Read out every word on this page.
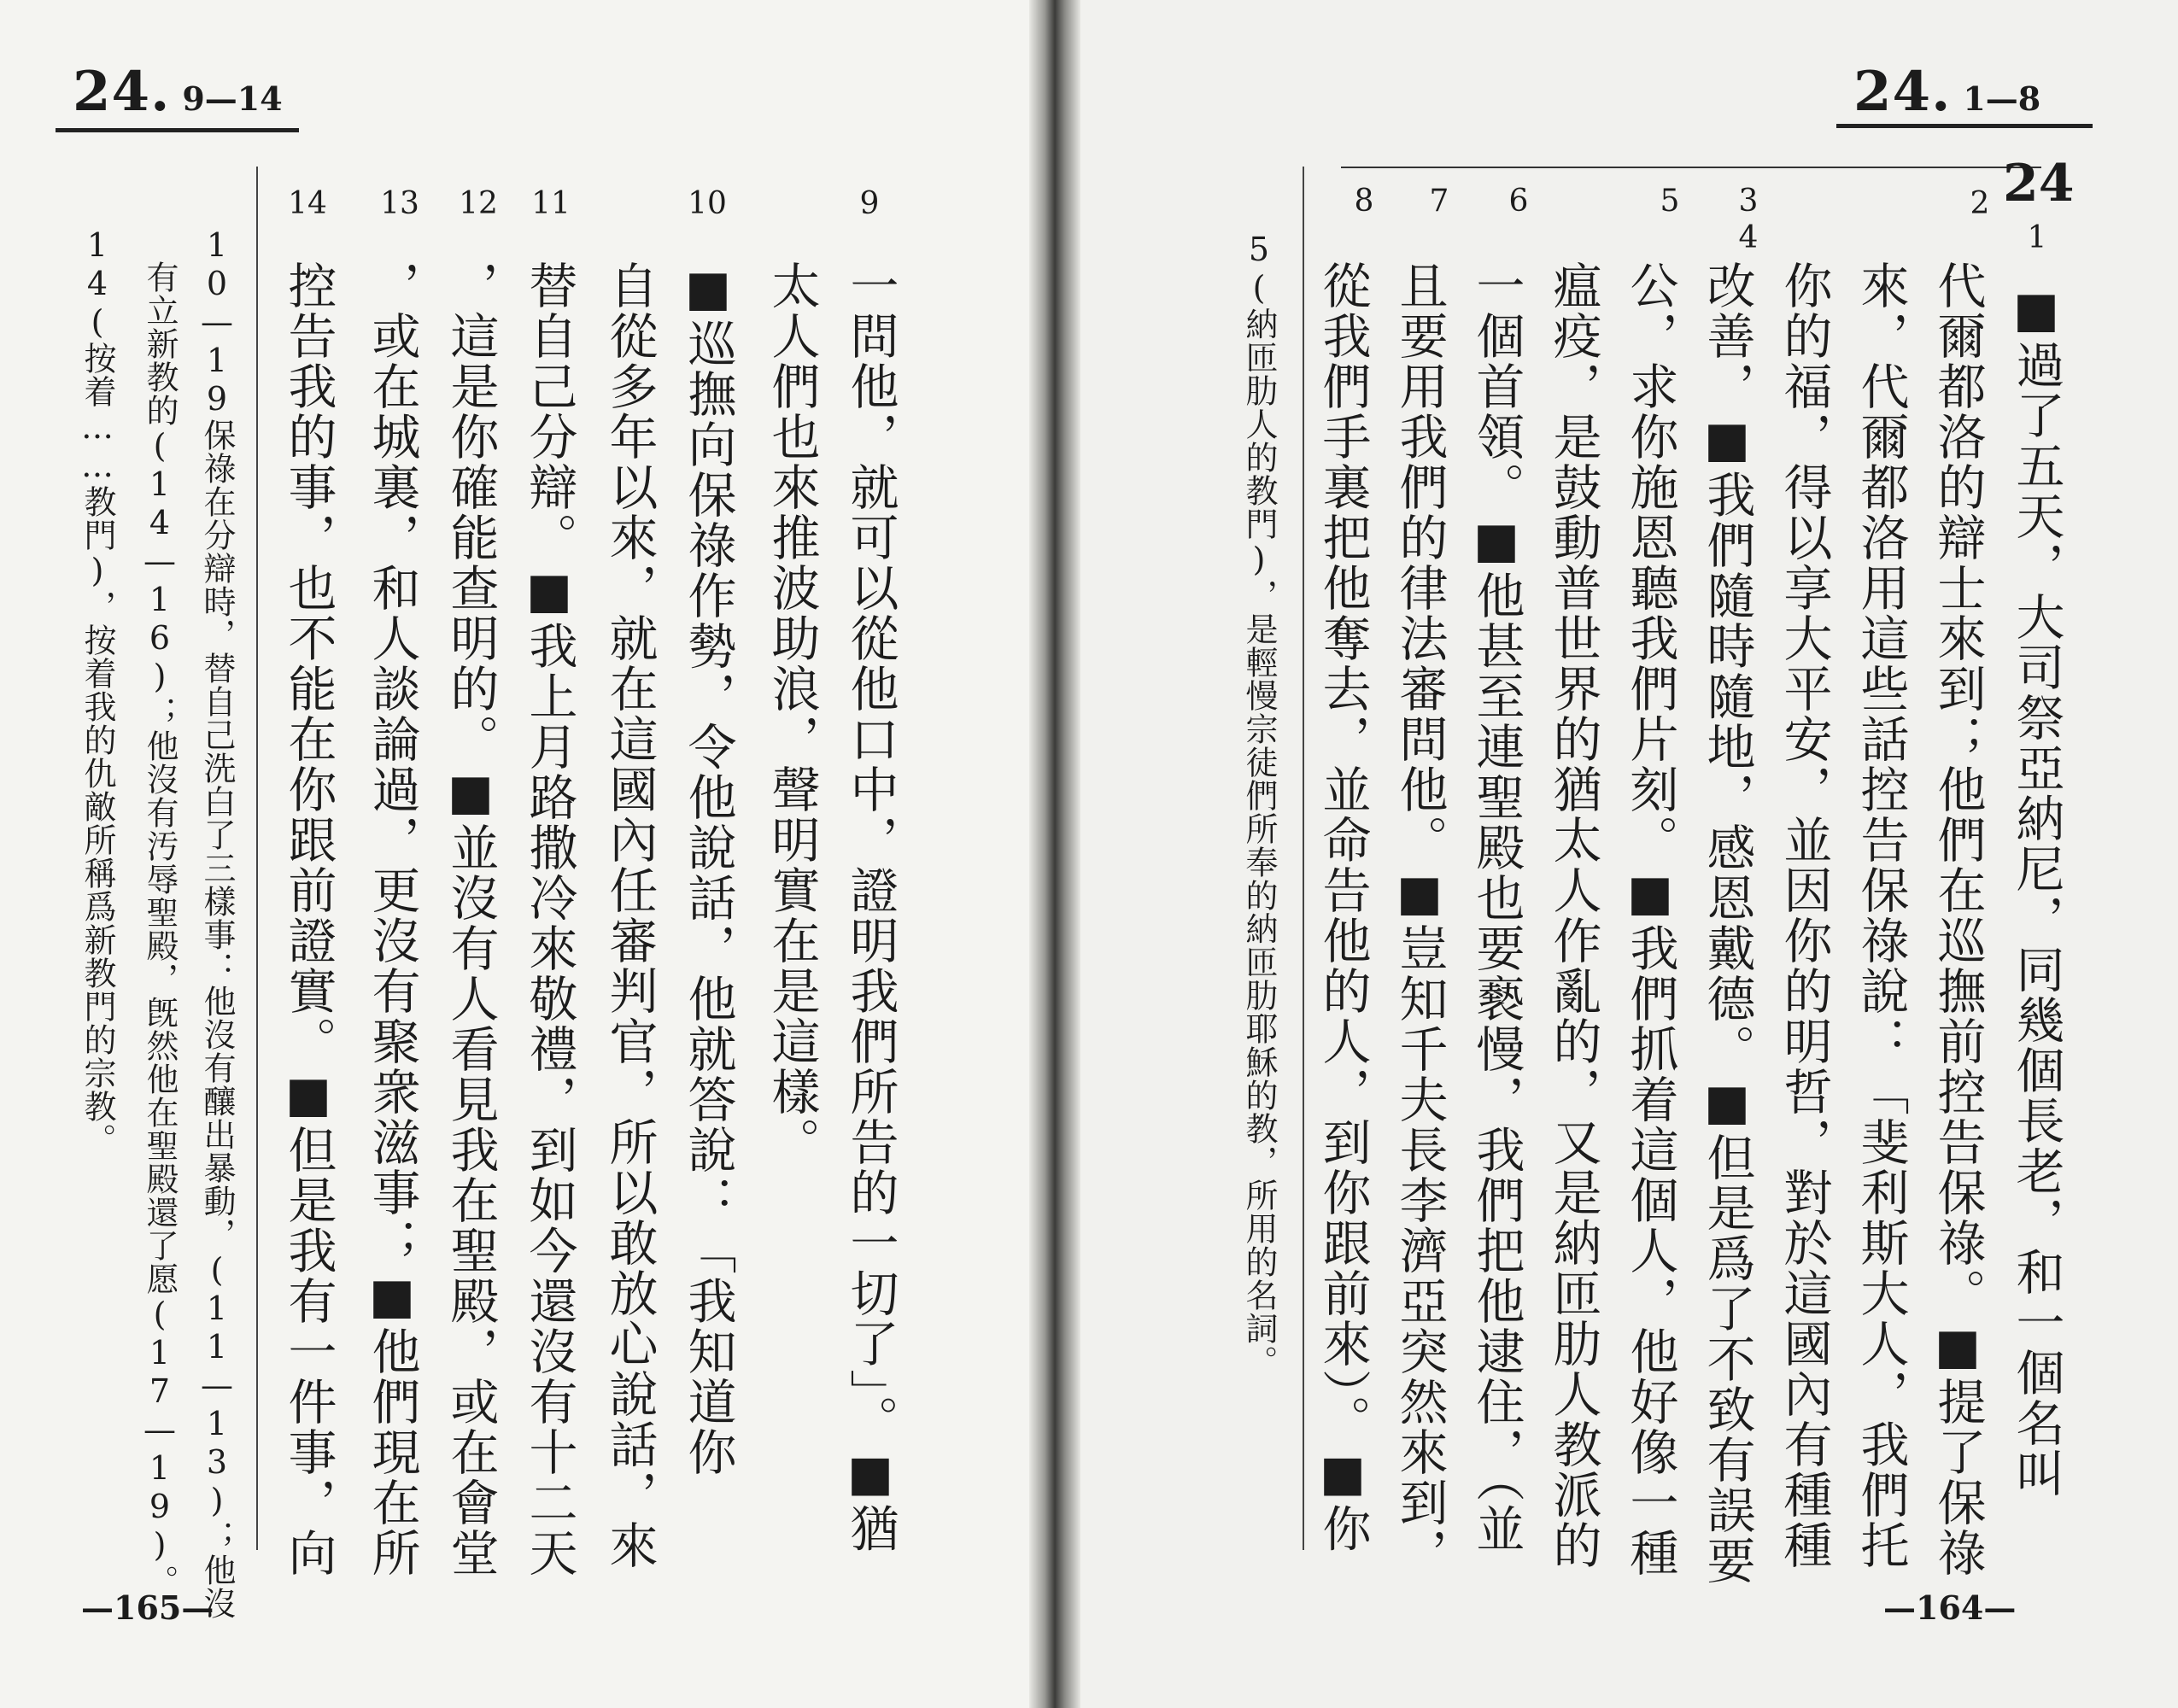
24. 9—14
9
10
11
12
13
14
一問他，就可以從他口中，證明我們所告的一切了」。■猶
太人們也來推波助浪，聲明實在是這樣。
■巡撫向保祿作勢，令他說話，他就答說：「我知道你
自從多年以來，就在這國內任審判官，所以敢放心說話，來
替自己分辯。■我上月路撒冷來敬禮，到如今還沒有十二天
，這是你確能查明的。■並沒有人看見我在聖殿，或在會堂
，或在城裏，和人談論過，更沒有聚衆滋事；■他們現在所
控告我的事，也不能在你跟前證實。■但是我有一件事，向
10—19保祿在分辯時，替自己洗白了三樣事：他沒有釀出暴動，(11—13)；他沒
有立新教的(14—16)；他沒有汚辱聖殿，旣然他在聖殿還了愿(17—19)。
14(按着……教門)，按着我的仇敵所稱爲新教門的宗教。
—165—
24. 1—8
24
1
2
3
4
5
6
7
8
■過了五天，大司祭亞納尼，同幾個長老，和一個名叫
代爾都洛的辯士來到；他們在巡撫前控告保祿。■提了保祿
來，代爾都洛用這些話控告保祿說：「斐利斯大人，我們托
你的福，得以享大平安，並因你的明哲，對於這國內有種種
改善，■我們隨時隨地，感恩戴德。■但是爲了不致有誤要
公，求你施恩聽我們片刻。■我們抓着這個人，他好像一種
瘟疫，是鼓動普世界的猶太人作亂的，又是納匝肋人教派的
一個首領。■他甚至連聖殿也要褻慢，我們把他逮住，（並
且要用我們的律法審問他。■豈知千夫長李濟亞突然來到，
從我們手裏把他奪去，並命告他的人，到你跟前來）。■你
5(納匝肋人的教門)，是輕慢宗徒們所奉的納匝肋耶穌的教，所用的名詞。
—164—
